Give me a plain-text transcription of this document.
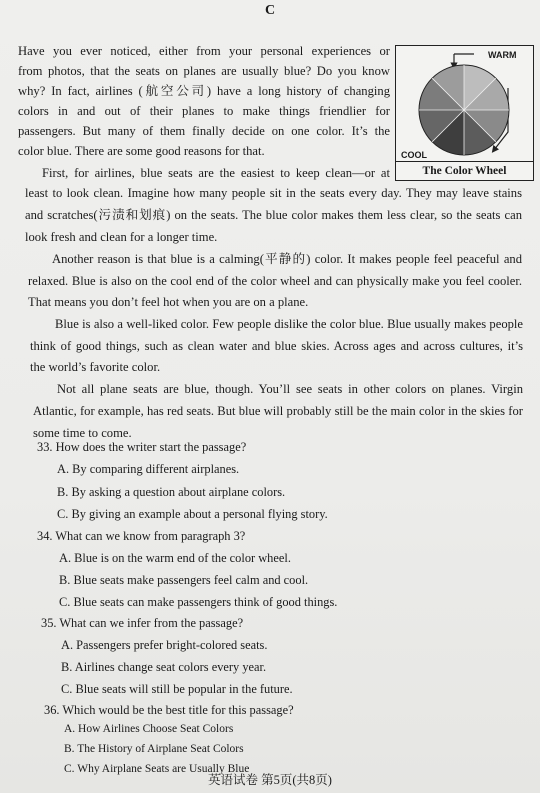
C
Have you ever noticed, either from your personal experiences or
from photos, that the seats on planes are usually blue? Do you know
why? In fact, airlines (航空公司) have a long history of changing
colors in and out of their planes to make things friendlier for
passengers. But many of them finally decide on one color. It’s the
color blue. There are some good reasons for that.
First, for airlines, blue seats are the easiest to keep clean—or at
least to look clean. Imagine how many people sit in the seats every day. They may leave stains
and scratches(污渍和划痕) on the seats. The blue color makes them less clear, so the seats can
look fresh and clean for a longer time.
Another reason is that blue is a calming(平静的) color. It makes people feel peaceful and
relaxed. Blue is also on the cool end of the color wheel and can physically make you feel cooler.
That means you don’t feel hot when you are on a plane.
Blue is also a well-liked color. Few people dislike the color blue. Blue usually makes people
think of good things, such as clean water and blue skies. Across ages and across cultures, it’s
the world’s favorite color.
Not all plane seats are blue, though. You’ll see seats in other colors on planes. Virgin
Atlantic, for example, has red seats. But blue will probably still be the main color in the skies for
some time to come.
WARM
COOL
The Color Wheel
33. How does the writer start the passage?
A. By comparing different airplanes.
B. By asking a question about airplane colors.
C. By giving an example about a personal flying story.
34. What can we know from paragraph 3?
A. Blue is on the warm end of the color wheel.
B. Blue seats make passengers feel calm and cool.
C. Blue seats can make passengers think of good things.
35. What can we infer from the passage?
A. Passengers prefer bright-colored seats.
B. Airlines change seat colors every year.
C. Blue seats will still be popular in the future.
36. Which would be the best title for this passage?
A. How Airlines Choose Seat Colors
B. The History of Airplane Seat Colors
C. Why Airplane Seats are Usually Blue
英语试卷 第5页(共8页)
